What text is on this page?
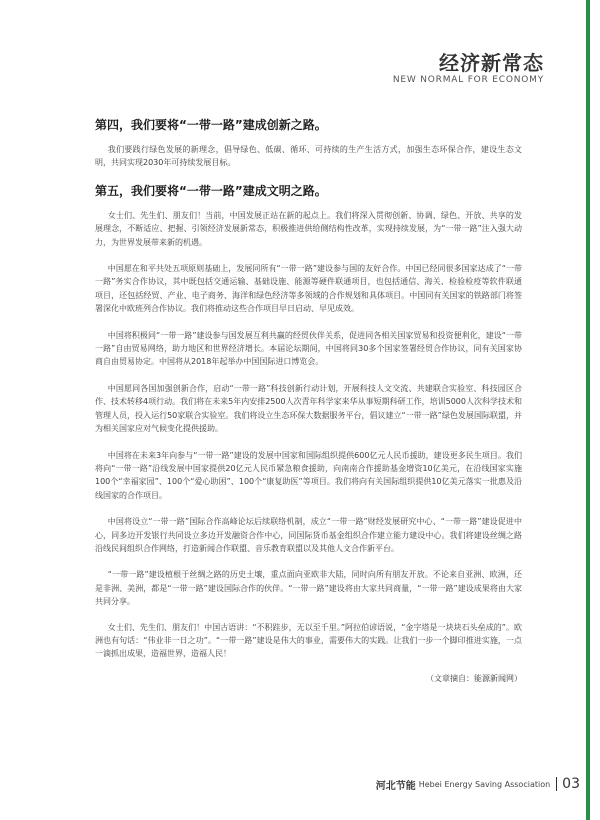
经济新常态
NEW NORMAL FOR ECONOMY
第四，我们要将“一带一路”建成创新之路。

我们要践行绿色发展的新理念，倡导绿色、低碳、循环、可持续的生产生活方式，加强生态环保合作，建设生态文明，共同实现2030年可持续发展目标。

第五，我们要将“一带一路”建成文明之路。

女士们、先生们、朋友们！当前，中国发展正站在新的起点上。我们将深入贯彻创新、协调、绿色、开放、共享的发展理念，不断适应、把握、引领经济发展新常态，积极推进供给侧结构性改革，实现持续发展，为“一带一路”注入强大动力，为世界发展带来新的机遇。

中国愿在和平共处五项原则基础上，发展同所有“一带一路”建设参与国的友好合作。中国已经同很多国家达成了“一带一路”务实合作协议，其中既包括交通运输、基础设施、能源等硬件联通项目，也包括通信、海关、检验检疫等软件联通项目，还包括经贸、产业、电子商务、海洋和绿色经济等多领域的合作规划和具体项目。中国同有关国家的铁路部门将签署深化中欧班列合作协议。我们将推动这些合作项目早日启动、早见成效。

中国将积极同“一带一路”建设参与国发展互利共赢的经贸伙伴关系，促进同各相关国家贸易和投资便利化，建设“一带一路”自由贸易网络，助力地区和世界经济增长。本届论坛期间，中国将同30多个国家签署经贸合作协议，同有关国家协商自由贸易协定。中国将从2018年起举办中国国际进口博览会。

中国愿同各国加强创新合作，启动“一带一路”科技创新行动计划，开展科技人文交流、共建联合实验室、科技园区合作、技术转移4项行动。我们将在未来5年内安排2500人次青年科学家来华从事短期科研工作，培训5000人次科学技术和管理人员，投入运行50家联合实验室。我们将设立生态环保大数据服务平台，倡议建立“一带一路”绿色发展国际联盟，并为相关国家应对气候变化提供援助。

中国将在未来3年向参与“一带一路”建设的发展中国家和国际组织提供600亿元人民币援助，建设更多民生项目。我们将向“一带一路”沿线发展中国家提供20亿元人民币紧急粮食援助，向南南合作援助基金增资10亿美元，在沿线国家实施100个“幸福家园”、100个“爱心助困”、100个“康复助医”等项目。我们将向有关国际组织提供10亿美元落实一批惠及沿线国家的合作项目。

中国将设立“一带一路”国际合作高峰论坛后续联络机制，成立“一带一路”财经发展研究中心、“一带一路”建设促进中心，同多边开发银行共同设立多边开发融资合作中心，同国际货币基金组织合作建立能力建设中心。我们将建设丝绸之路沿线民间组织合作网络，打造新闻合作联盟、音乐教育联盟以及其他人文合作新平台。

“一带一路”建设植根于丝绸之路的历史土壤，重点面向亚欧非大陆，同时向所有朋友开放。不论来自亚洲、欧洲，还是非洲、美洲，都是“一带一路”建设国际合作的伙伴。“一带一路”建设将由大家共同商量，“一带一路”建设成果将由大家共同分享。

女士们、先生们、朋友们！中国古语讲：“不积跬步，无以至千里。”阿拉伯谚语说，“金字塔是一块块石头垒成的”。欧洲也有句话：“伟业非一日之功”。“一带一路”建设是伟大的事业，需要伟大的实践。让我们一步一个脚印推进实施，一点一滴抓出成果，造福世界，造福人民！

（文章摘自：能源新闻网）
河北节能 Hebei Energy Saving Association 03
